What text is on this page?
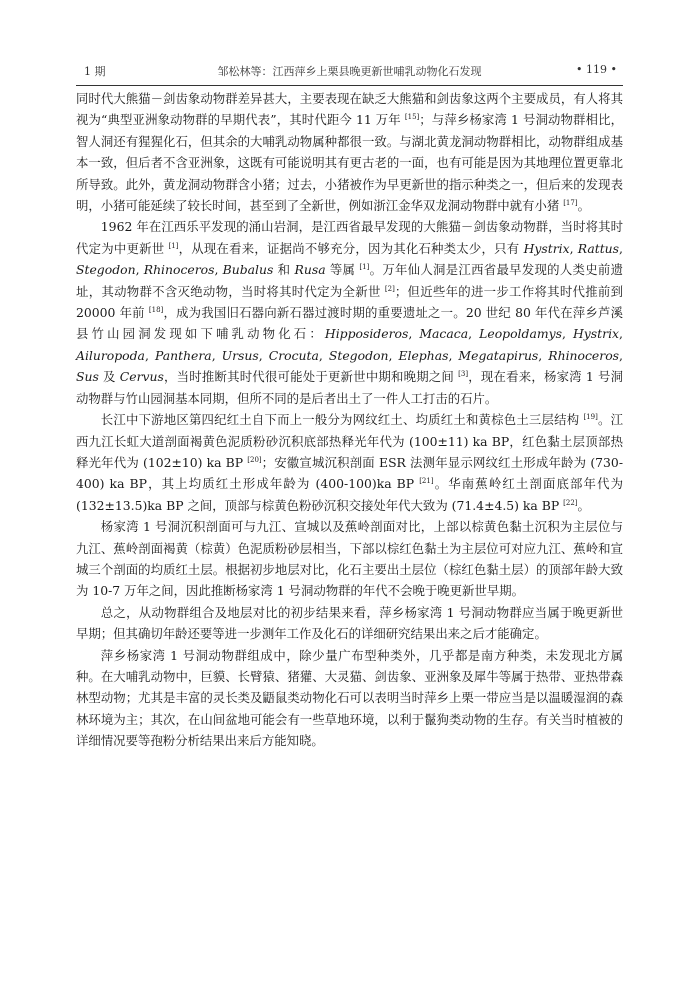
1 期	邹松林等：江西萍乡上栗县晚更新世哺乳动物化石发现	• 119 •

同时代大熊猫－剑齿象动物群差异甚大，主要表现在缺乏大熊猫和剑齿象这两个主要成员，有人将其视为“典型亚洲象动物群的早期代表”，其时代距今 11 万年 [15]；与萍乡杨家湾 1 号洞动物群相比，智人洞还有猩猩化石，但其余的大哺乳动物属种都很一致。与湖北黄龙洞动物群相比，动物群组成基本一致，但后者不含亚洲象，这既有可能说明其有更古老的一面，也有可能是因为其地理位置更靠北所导致。此外，黄龙洞动物群含小猪；过去，小猪被作为早更新世的指示种类之一，但后来的发现表明，小猪可能延续了较长时间，甚至到了全新世，例如浙江金华双龙洞动物群中就有小猪 [17]。

1962 年在江西乐平发现的涌山岩洞，是江西省最早发现的大熊猫－剑齿象动物群，当时将其时代定为中更新世 [1]，从现在看来，证据尚不够充分，因为其化石种类太少，只有 Hystrix, Rattus, Stegodon, Rhinoceros, Bubalus 和 Rusa 等属 [1]。万年仙人洞是江西省最早发现的人类史前遗址，其动物群不含灭绝动物，当时将其时代定为全新世 [2]；但近些年的进一步工作将其时代推前到 20000 年前 [18]，成为我国旧石器向新石器过渡时期的重要遗址之一。20 世纪 80 年代在萍乡芦溪县竹山园洞发现如下哺乳动物化石：Hipposideros, Macaca, Leopoldamys, Hystrix, Ailuropoda, Panthera, Ursus, Crocuta, Stegodon, Elephas, Megatapirus, Rhinoceros, Sus 及 Cervus，当时推断其时代很可能处于更新世中期和晚期之间 [3]，现在看来，杨家湾 1 号洞动物群与竹山园洞基本同期，但所不同的是后者出土了一件人工打击的石片。

长江中下游地区第四纪红土自下而上一般分为网纹红土、均质红土和黄棕色土三层结构 [19]。江西九江长虹大道剖面褐黄色泥质粉砂沉积底部热释光年代为 (100±11) ka BP，红色黏土层顶部热释光年代为 (102±10) ka BP [20]；安徽宣城沉积剖面 ESR 法测年显示网纹红土形成年龄为 (730-400) ka BP，其上均质红土形成年龄为 (400-100)ka BP [21]。华南蕉岭红土剖面底部年代为 (132±13.5)ka BP 之间，顶部与棕黄色粉砂沉积交接处年代大致为 (71.4±4.5) ka BP [22]。

杨家湾 1 号洞沉积剖面可与九江、宣城以及蕉岭剖面对比，上部以棕黄色黏土沉积为主层位与九江、蕉岭剖面褐黄（棕黄）色泥质粉砂层相当，下部以棕红色黏土为主层位可对应九江、蕉岭和宣城三个剖面的均质红土层。根据初步地层对比，化石主要出土层位（棕红色黏土层）的顶部年龄大致为 10-7 万年之间，因此推断杨家湾 1 号洞动物群的年代不会晚于晚更新世早期。

总之，从动物群组合及地层对比的初步结果来看，萍乡杨家湾 1 号洞动物群应当属于晚更新世早期；但其确切年龄还要等进一步测年工作及化石的详细研究结果出来之后才能确定。

萍乡杨家湾 1 号洞动物群组成中，除少量广布型种类外，几乎都是南方种类，未发现北方属种。在大哺乳动物中，巨貘、长臂猿、猪獾、大灵猫、剑齿象、亚洲象及犀牛等属于热带、亚热带森林型动物；尤其是丰富的灵长类及鼯鼠类动物化石可以表明当时萍乡上栗一带应当是以温暖湿润的森林环境为主；其次，在山间盆地可能会有一些草地环境，以利于鬣狗类动物的生存。有关当时植被的详细情况要等孢粉分析结果出来后方能知晓。
